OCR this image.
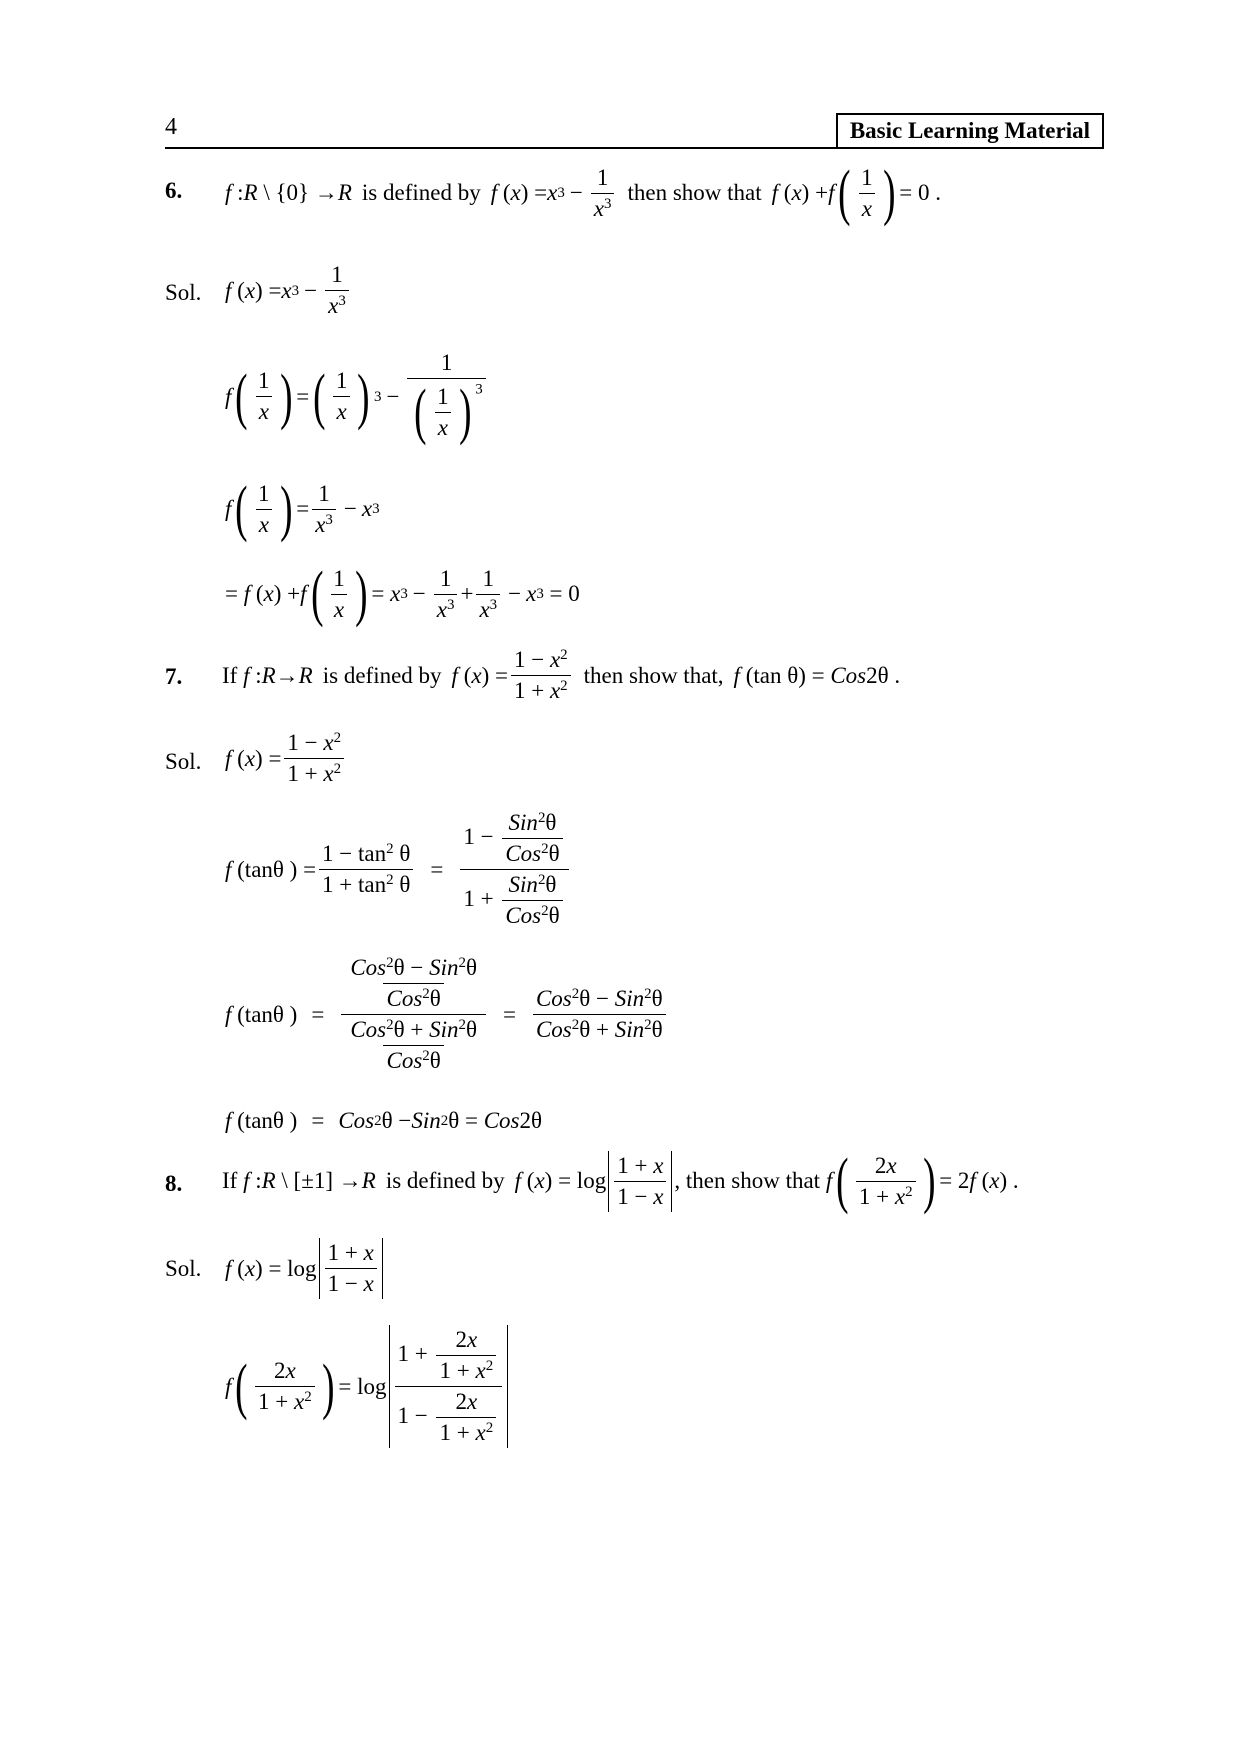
4	Basic Learning Material
6. f : R \ {0} → R is defined by f ( x ) = x $3 - \frac{1}{x^3}$ then show that f ( x ) + f ( $\frac{1}{x}$ ) = 0 .
Sol. f ( x ) = x $3 - \frac{1}{x^3}$
f ( $\frac{1}{x}$ ) = ( $\frac{1}{x}$ ) $3 - \frac{1}{( \frac{1}{x} ) ^3}$
f ( $\frac{1}{x}$ ) = $\frac{1}{x^3} - x$ 3
= f ( x ) + f ( $\frac{1}{x}$ ) = x $3 - \frac{1}{x^3} + \frac{1}{x^3} - x$ 3 = 0
7. If
f : R → R is defined by f ( x ) = $\frac{1 - x^2}{1 + x^2}$ then show that, f (tan θ) = Cos 2θ .
Sol. f ( x ) = $\frac{1 - x^2}{1 + x^2}$
f (tanθ ) = $\frac{1 - \tan^2 \theta}{1 + \tan^2 \theta} = \frac{1 - \frac{Sin^2\theta}{Cos^2\theta}}{1 + \frac{Sin^2\theta}{Cos^2\theta}}$
f (tanθ ) = $\frac{\frac{Cos^2\theta - Sin^2\theta}{Cos^2\theta}}{\frac{Cos^2\theta + Sin^2\theta}{Cos^2\theta}} = \frac{Cos^2\theta - Sin^2\theta}{Cos^2\theta + Sin^2\theta}$
f (tanθ ) = Cos 2 θ − Sin 2 θ = Cos 2θ
8. If
f : R \ [±1] → R is defined by f ( x ) = $\log \frac{1 + x}{1 - x}$ , then show that
f ( $\frac{2x}{1 + x^2}$ ) = 2 f ( x ) .
Sol. f ( x ) = $\log \frac{1 + x}{1 - x}$
f ( $\frac{2x}{1 + x^2}$ ) = $\log \frac{1 + \frac{2x}{1 + x^2}}{1 - \frac{2x}{1 + x^2}}$
